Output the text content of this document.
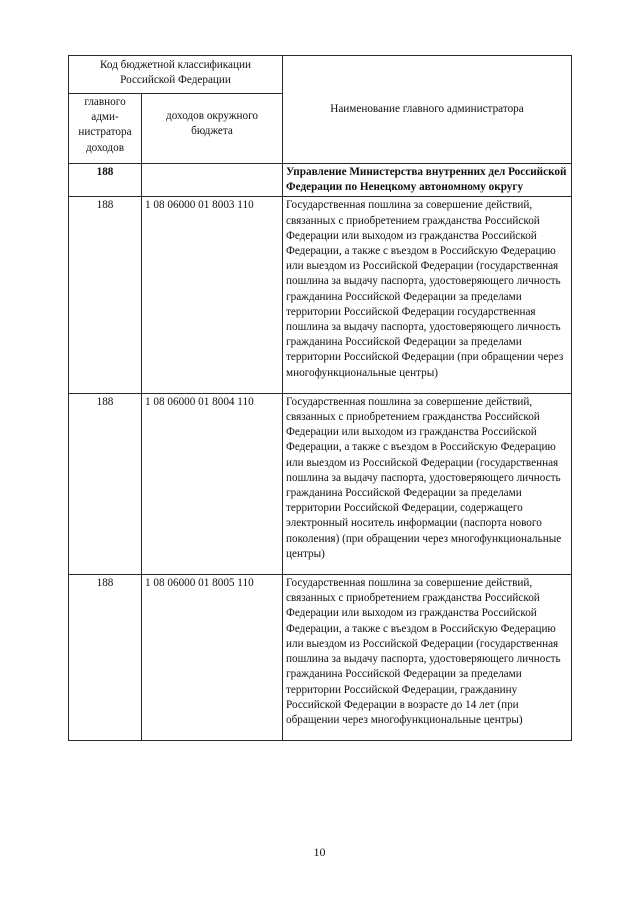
Код бюджетной классификации Российской Федерации		Наименование главного администратора
главного адми-нистратора доходов	доходов окружного бюджета	
188		Управление Министерства внутренних дел Российской Федерации по Ненецкому автономному округу
188	1 08 06000 01 8003 110	Государственная пошлина за совершение действий, связанных с приобретением гражданства Российской Федерации или выходом из гражданства Российской Федерации, а также с въездом в Российскую Федерацию или выездом из Российской Федерации (государственная пошлина за выдачу паспорта, удостоверяющего личность гражданина Российской Федерации за пределами территории Российской Федерации государственная пошлина за выдачу паспорта, удостоверяющего личность гражданина Российской Федерации за пределами территории Российской Федерации (при обращении через многофункциональные центры)
188	1 08 06000 01 8004 110	Государственная пошлина за совершение действий, связанных с приобретением гражданства Российской Федерации или выходом из гражданства Российской Федерации, а также с въездом в Российскую Федерацию или выездом из Российской Федерации (государственная пошлина за выдачу паспорта, удостоверяющего личность гражданина Российской Федерации за пределами территории Российской Федерации, содержащего электронный носитель информации (паспорта нового поколения) (при обращении через многофункциональные центры)
188	1 08 06000 01 8005 110	Государственная пошлина за совершение действий, связанных с приобретением гражданства Российской Федерации или выходом из гражданства Российской Федерации, а также с въездом в Российскую Федерацию или выездом из Российской Федерации (государственная пошлина за выдачу паспорта, удостоверяющего личность гражданина Российской Федерации за пределами территории Российской Федерации, гражданину Российской Федерации в возрасте до 14 лет (при обращении через многофункциональные центры)
10
